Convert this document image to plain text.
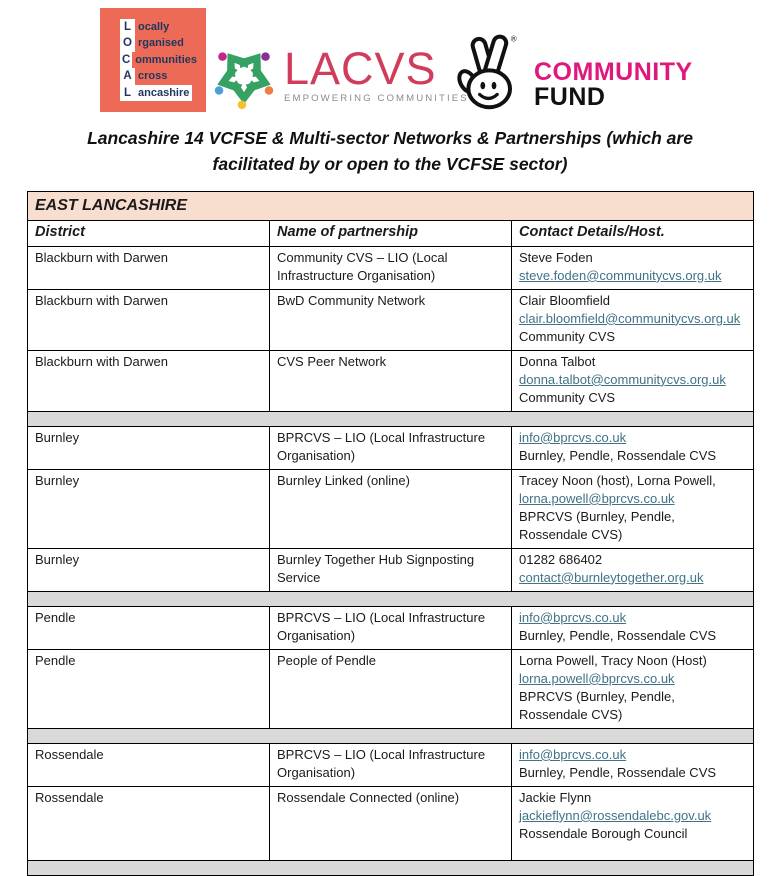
L ocally
O rganised
C ommunities
A cross
L ancashire LACVS
EMPOWERING COMMUNITIES
®
COMMUNITY
FUND
Lancashire 14 VCFSE & Multi-sector Networks & Partnerships (which are facilitated by or open to the VCFSE sector)
EAST LANCASHIRE		
District	Name of partnership	Contact Details/Host.
Blackburn with Darwen	Community CVS – LIO (Local Infrastructure Organisation)	Steve Foden
steve.foden@communitycvs.org.uk

Blackburn with Darwen	BwD Community Network	Clair Bloomfield
clair.bloomfield@communitycvs.org.uk
Community CVS

Blackburn with Darwen	CVS Peer Network	Donna Talbot
donna.talbot@communitycvs.org.uk
Community CVS

Burnley	BPRCVS – LIO (Local Infrastructure Organisation)	info@bprcvs.co.uk
Burnley, Pendle, Rossendale CVS

Burnley	Burnley Linked (online)	Tracey Noon (host), Lorna Powell,
lorna.powell@bprcvs.co.uk
BPRCVS (Burnley, Pendle, Rossendale CVS)

Burnley	Burnley Together Hub Signposting Service	01282 686402
contact@burnleytogether.org.uk

Pendle	BPRCVS – LIO (Local Infrastructure Organisation)	info@bprcvs.co.uk
Burnley, Pendle, Rossendale CVS

Pendle	People of Pendle	Lorna Powell, Tracy Noon (Host)
lorna.powell@bprcvs.co.uk
BPRCVS (Burnley, Pendle, Rossendale CVS)

Rossendale	BPRCVS – LIO (Local Infrastructure Organisation)	info@bprcvs.co.uk
Burnley, Pendle, Rossendale CVS

Rossendale	Rossendale Connected (online)	Jackie Flynn
jackieflynn@rossendalebc.gov.uk
Rossendale Borough Council
